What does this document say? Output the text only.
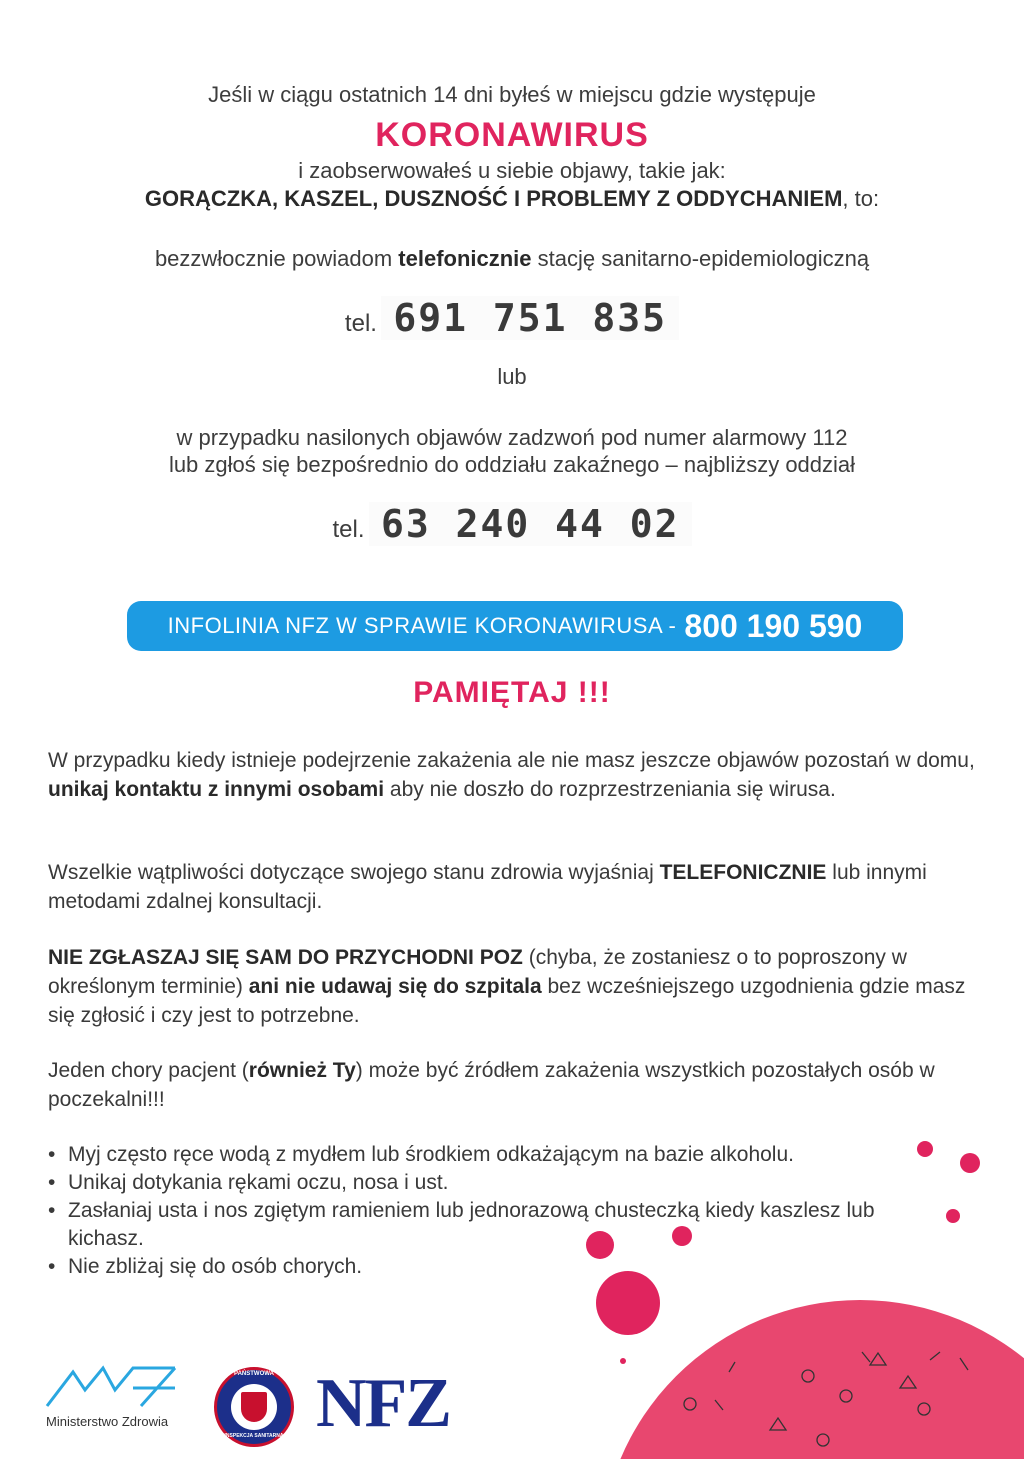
Jeśli w ciągu ostatnich 14 dni byłeś w miejscu gdzie występuje
KORONAWIRUS
i zaobserwowałeś u siebie objawy, takie jak:
GORĄCZKA, KASZEL, DUSZNOŚĆ I PROBLEMY Z ODDYCHANIEM, to:
bezzwłocznie powiadom telefonicznie stację sanitarno-epidemiologiczną
tel. 691 751 835
lub
w przypadku nasilonych objawów zadzwoń pod numer alarmowy 112
lub zgłoś się bezpośrednio do oddziału zakaźnego – najbliższy oddział
tel. 63 240 44 02
INFOLINIA NFZ W SPRAWIE KORONAWIRUSA - 800 190 590
PAMIĘTAJ !!!
W przypadku kiedy istnieje podejrzenie zakażenia ale nie masz jeszcze objawów pozostań w domu, unikaj kontaktu z innymi osobami aby nie doszło do rozprzestrzeniania się wirusa.
Wszelkie wątpliwości dotyczące swojego stanu zdrowia wyjaśniaj TELEFONICZNIE lub innymi metodami zdalnej konsultacji.
NIE ZGŁASZAJ SIĘ SAM DO PRZYCHODNI POZ (chyba, że zostaniesz o to poproszony w określonym terminie) ani nie udawaj się do szpitala bez wcześniejszego uzgodnienia gdzie masz się zgłosić i czy jest to potrzebne.
Jeden chory pacjent (również Ty) może być źródłem zakażenia wszystkich pozostałych osób w poczekalni!!!
• Myj często ręce wodą z mydłem lub środkiem odkażającym na bazie alkoholu.
• Unikaj dotykania rękami oczu, nosa i ust.
• Zasłaniaj usta i nos zgiętym ramieniem lub jednorazową chusteczką kiedy kaszlesz lub kichasz.
• Nie zbliżaj się do osób chorych.
Ministerstwo Zdrowia
PAŃSTWOWA
INSPEKCJA SANITARNA NFZ
